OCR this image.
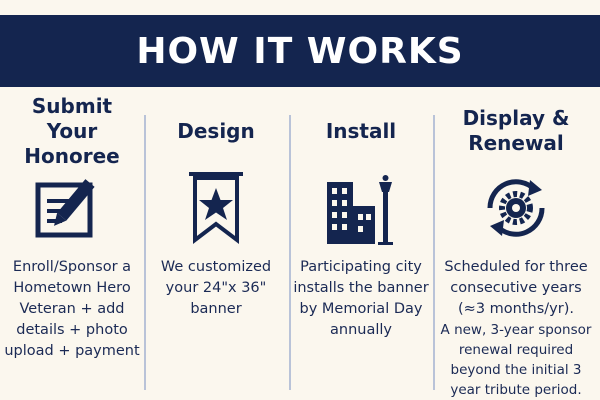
HOW IT WORKS
Submit
Your Honoree
Enroll/Sponsor a
Hometown Hero
Veteran + add
details + photo
upload + payment
Design
We customized
your 24"x 36"
banner
Install
Participating city
installs the banner
by Memorial Day
annually
Display &
Renewal
Scheduled for three
consecutive years
(≈3 months/yr).
A new, 3-year sponsor
renewal required
beyond the initial 3
year tribute period.
